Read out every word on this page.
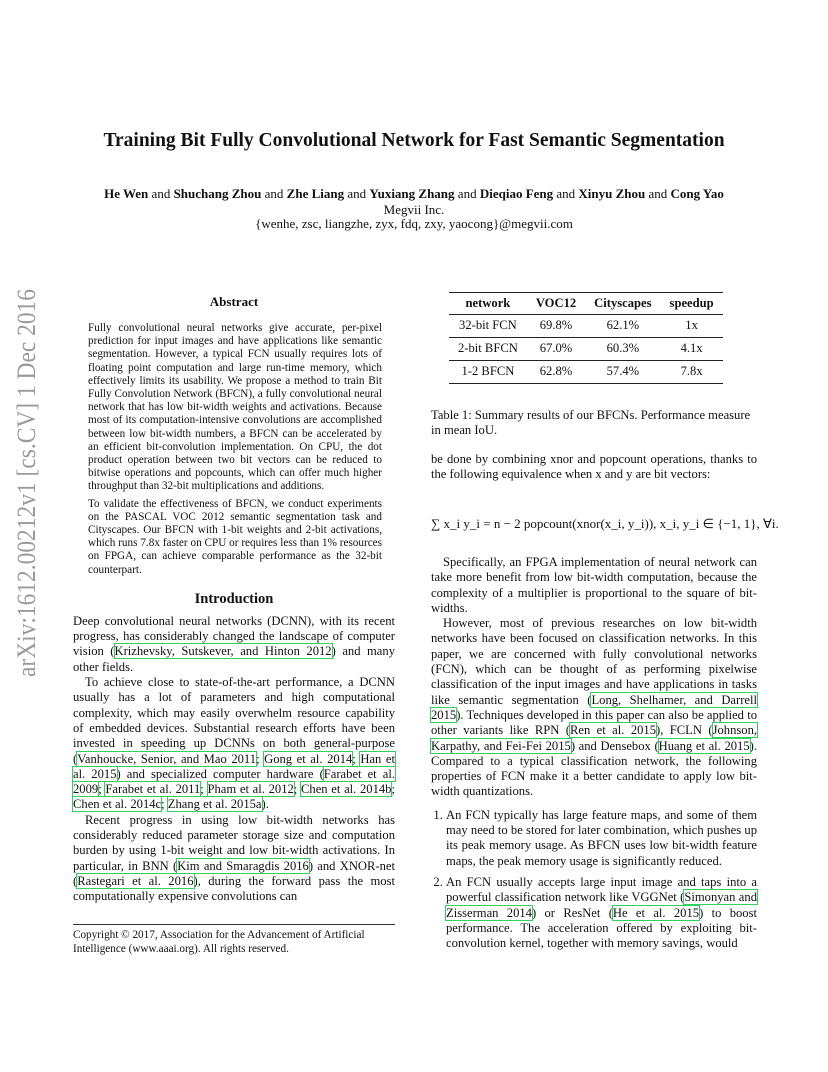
arXiv:1612.00212v1 [cs.CV] 1 Dec 2016
Training Bit Fully Convolutional Network for Fast Semantic Segmentation
He Wen and Shuchang Zhou and Zhe Liang and Yuxiang Zhang and Dieqiao Feng and Xinyu Zhou and Cong Yao
Megvii Inc.
{wenhe, zsc, liangzhe, zyx, fdq, zxy, yaocong}@megvii.com
Abstract

Fully convolutional neural networks give accurate, per-pixel prediction for input images and have applications like semantic segmentation. However, a typical FCN usually requires lots of floating point computation and large run-time memory, which effectively limits its usability. We propose a method to train Bit Fully Convolution Network (BFCN), a fully convolutional neural network that has low bit-width weights and activations. Because most of its computation-intensive convolutions are accomplished between low bit-width numbers, a BFCN can be accelerated by an efficient bit-convolution implementation. On CPU, the dot product operation between two bit vectors can be reduced to bitwise operations and popcounts, which can offer much higher throughput than 32-bit multiplications and additions.

To validate the effectiveness of BFCN, we conduct experiments on the PASCAL VOC 2012 semantic segmentation task and Cityscapes. Our BFCN with 1-bit weights and 2-bit activations, which runs 7.8x faster on CPU or requires less than 1% resources on FPGA, can achieve comparable performance as the 32-bit counterpart.

Introduction

Deep convolutional neural networks (DCNN), with its recent progress, has considerably changed the landscape of computer vision (Krizhevsky, Sutskever, and Hinton 2012) and many other fields.

To achieve close to state-of-the-art performance, a DCNN usually has a lot of parameters and high computational complexity, which may easily overwhelm resource capability of embedded devices. Substantial research efforts have been invested in speeding up DCNNs on both general-purpose (Vanhoucke, Senior, and Mao 2011; Gong et al. 2014; Han et al. 2015) and specialized computer hardware (Farabet et al. 2009; Farabet et al. 2011; Pham et al. 2012; Chen et al. 2014b; Chen et al. 2014c; Zhang et al. 2015a).

Recent progress in using low bit-width networks has considerably reduced parameter storage size and computation burden by using 1-bit weight and low bit-width activations. In particular, in BNN (Kim and Smaragdis 2016) and XNOR-net (Rastegari et al. 2016), during the forward pass the most computationally expensive convolutions can

Copyright © 2017, Association for the Advancement of Artificial Intelligence (www.aaai.org). All rights reserved.
network	VOC12	Cityscapes	speedup
32-bit FCN	69.8%	62.1%	1x
2-bit BFCN	67.0%	60.3%	4.1x
1-2 BFCN	62.8%	57.4%	7.8x

Table 1: Summary results of our BFCNs. Performance measure in mean IoU.

be done by combining xnor and popcount operations, thanks to the following equivalence when x and y are bit vectors:

∑ x_i y_i = n − 2 popcount(xnor(x_i, y_i)), x_i, y_i ∈ {−1, 1}, ∀i.

Specifically, an FPGA implementation of neural network can take more benefit from low bit-width computation, because the complexity of a multiplier is proportional to the square of bit-widths.

However, most of previous researches on low bit-width networks have been focused on classification networks. In this paper, we are concerned with fully convolutional networks (FCN), which can be thought of as performing pixelwise classification of the input images and have applications in tasks like semantic segmentation (Long, Shelhamer, and Darrell 2015). Techniques developed in this paper can also be applied to other variants like RPN (Ren et al. 2015), FCLN (Johnson, Karpathy, and Fei-Fei 2015) and Densebox (Huang et al. 2015). Compared to a typical classification network, the following properties of FCN make it a better candidate to apply low bit-width quantizations.

1. An FCN typically has large feature maps, and some of them may need to be stored for later combination, which pushes up its peak memory usage. As BFCN uses low bit-width feature maps, the peak memory usage is significantly reduced.
2. An FCN usually accepts large input image and taps into a powerful classification network like VGGNet (Simonyan and Zisserman 2014) or ResNet (He et al. 2015) to boost performance. The acceleration offered by exploiting bit-convolution kernel, together with memory savings, would
